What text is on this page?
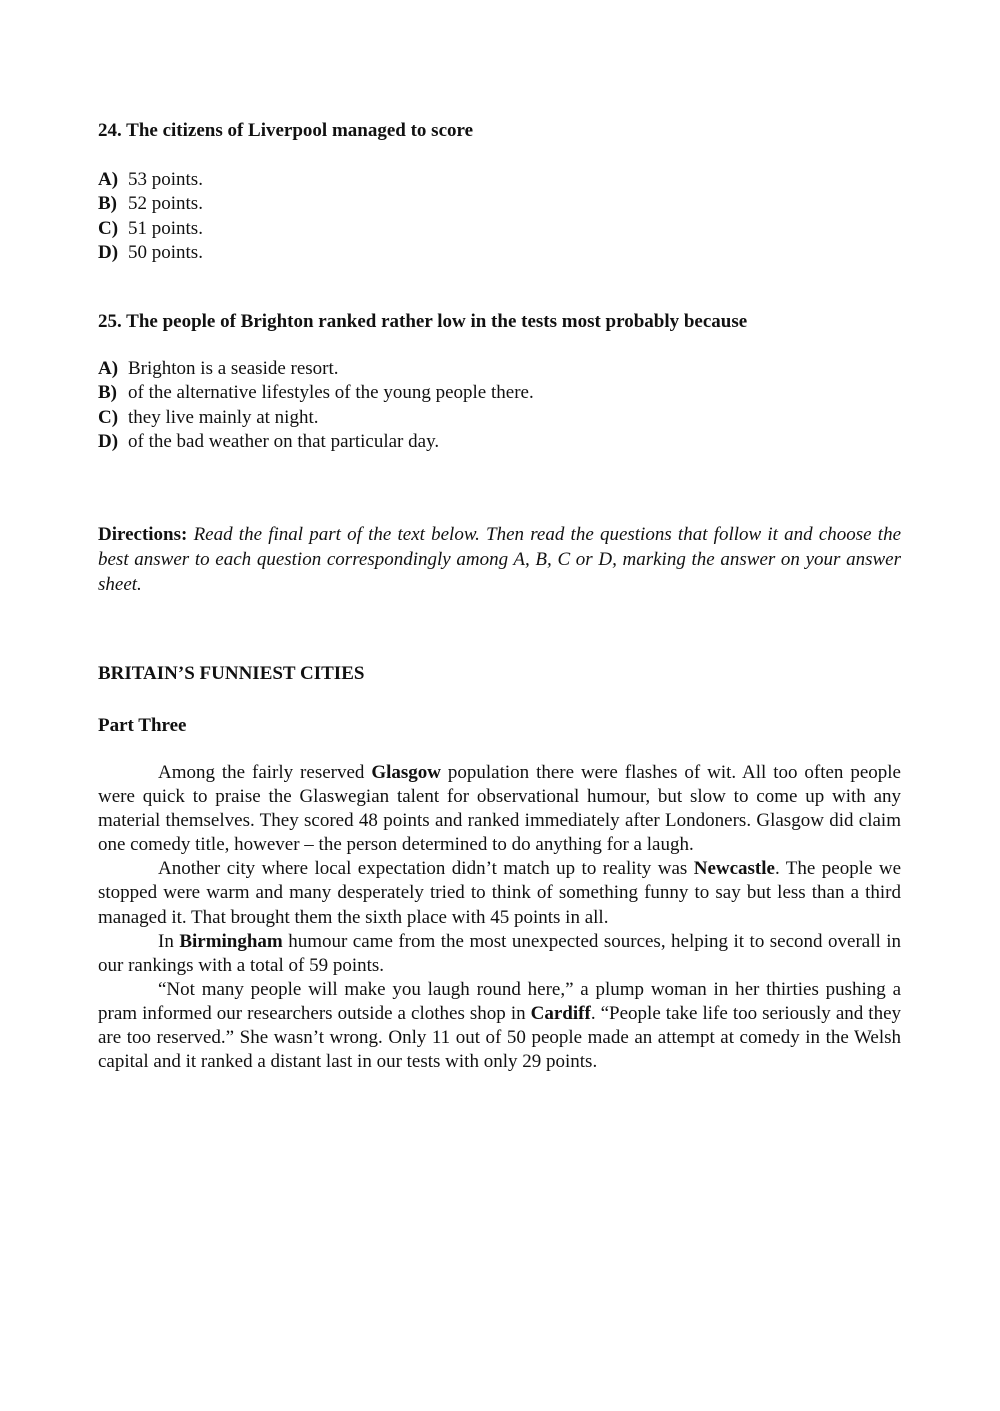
24. The citizens of Liverpool managed to score
A) 53 points.
B) 52 points.
C) 51 points.
D) 50 points.
25. The people of Brighton ranked rather low in the tests most probably because
A) Brighton is a seaside resort.
B) of the alternative lifestyles of the young people there.
C) they live mainly at night.
D) of the bad weather on that particular day.
Directions: Read the final part of the text below. Then read the questions that follow it and choose the best answer to each question correspondingly among A, B, C or D, marking the answer on your answer sheet.
BRITAIN’S FUNNIEST CITIES
Part Three

Among the fairly reserved Glasgow population there were flashes of wit. All too often people were quick to praise the Glaswegian talent for observational humour, but slow to come up with any material themselves. They scored 48 points and ranked immediately after Londoners. Glasgow did claim one comedy title, however – the person determined to do anything for a laugh.

Another city where local expectation didn’t match up to reality was Newcastle. The people we stopped were warm and many desperately tried to think of something funny to say but less than a third managed it. That brought them the sixth place with 45 points in all.

In Birmingham humour came from the most unexpected sources, helping it to second overall in our rankings with a total of 59 points.

“Not many people will make you laugh round here,” a plump woman in her thirties pushing a pram informed our researchers outside a clothes shop in Cardiff. “People take life too seriously and they are too reserved.” She wasn’t wrong. Only 11 out of 50 people made an attempt at comedy in the Welsh capital and it ranked a distant last in our tests with only 29 points.
